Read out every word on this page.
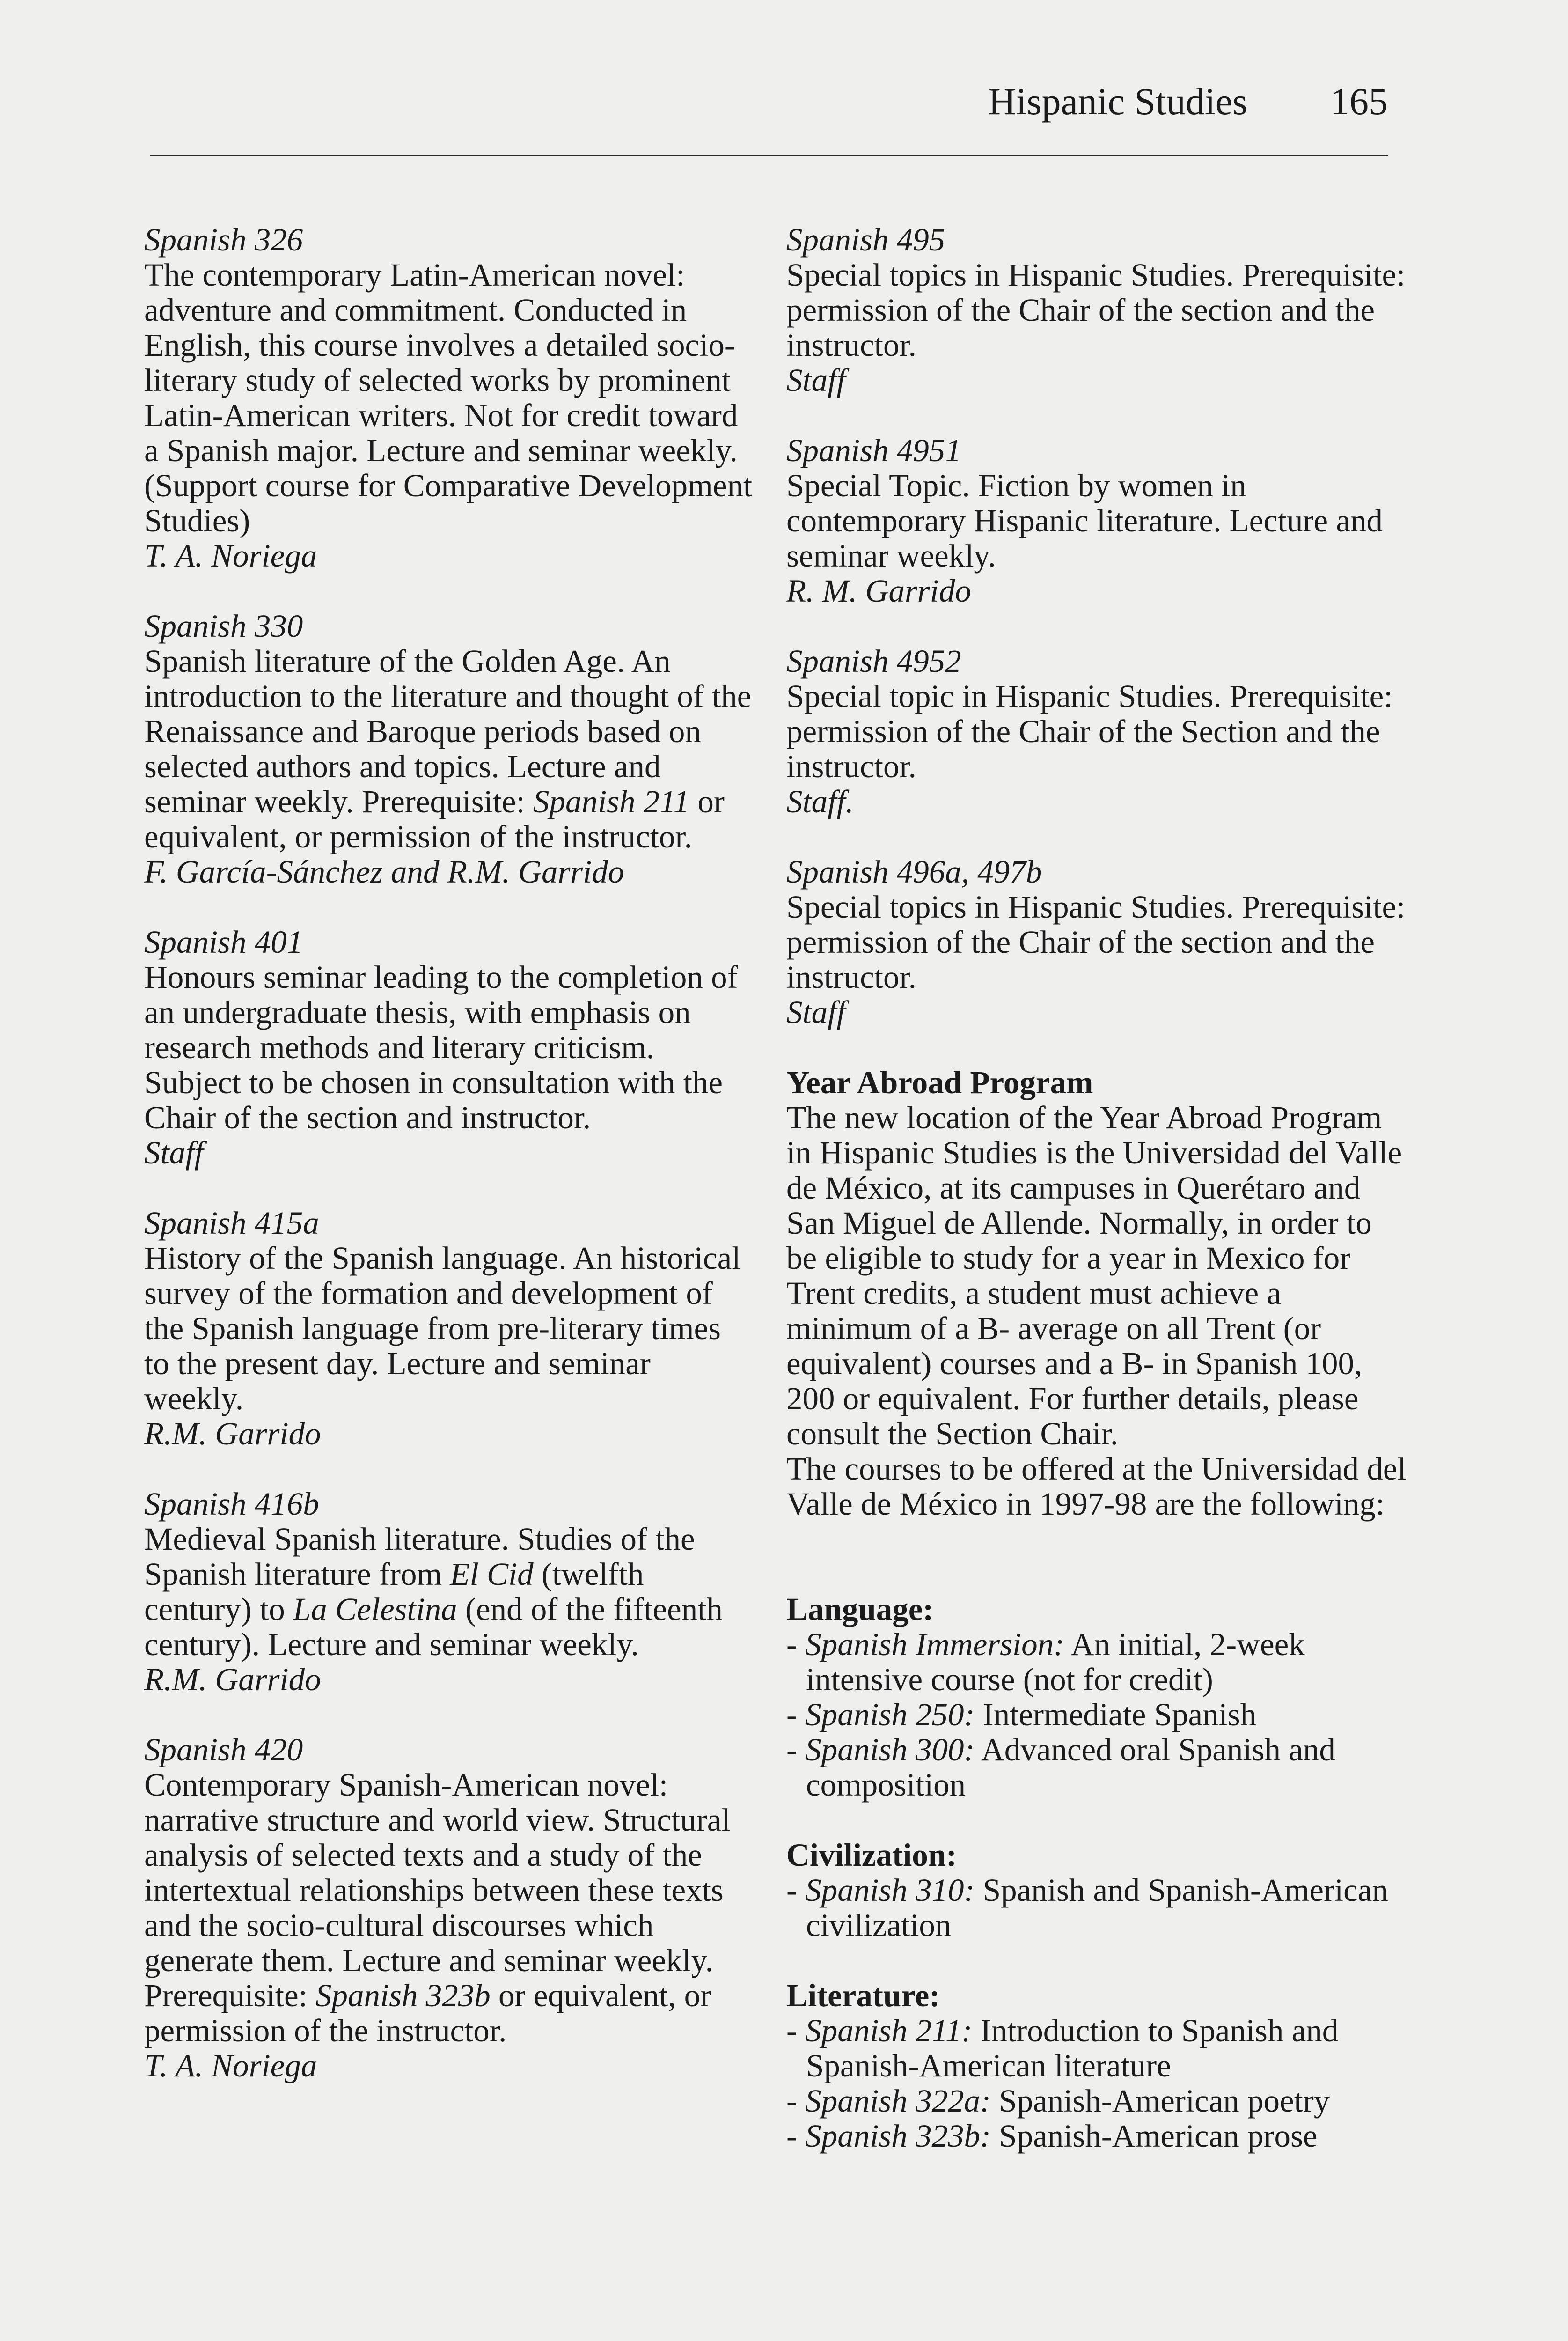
Hispanic Studies 165

Spanish 326

The contemporary Latin-American novel: adventure and commitment. Conducted in English, this course involves a detailed socio-literary study of selected works by prominent Latin-American writers. Not for credit toward a Spanish major. Lecture and seminar weekly. (Support course for Comparative Development Studies)

T. A. Noriega

Spanish 330

Spanish literature of the Golden Age. An introduction to the literature and thought of the Renaissance and Baroque periods based on selected authors and topics. Lecture and seminar weekly. Prerequisite: Spanish 211 or equivalent, or permission of the instructor.

F. García-Sánchez and R.M. Garrido

Spanish 401

Honours seminar leading to the completion of an undergraduate thesis, with emphasis on research methods and literary criticism. Subject to be chosen in consultation with the Chair of the section and instructor.

Staff

Spanish 415a

History of the Spanish language. An historical survey of the formation and development of the Spanish language from pre-literary times to the present day. Lecture and seminar weekly.

R.M. Garrido

Spanish 416b

Medieval Spanish literature. Studies of the Spanish literature from El Cid (twelfth century) to La Celestina (end of the fifteenth century). Lecture and seminar weekly.

R.M. Garrido

Spanish 420

Contemporary Spanish-American novel: narrative structure and world view. Structural analysis of selected texts and a study of the intertextual relationships between these texts and the socio-cultural discourses which generate them. Lecture and seminar weekly. Prerequisite: Spanish 323b or equivalent, or permission of the instructor.

T. A. Noriega

Spanish 495

Special topics in Hispanic Studies. Prerequisite: permission of the Chair of the section and the instructor.

Staff

Spanish 4951

Special Topic. Fiction by women in contemporary Hispanic literature. Lecture and seminar weekly.

R. M. Garrido

Spanish 4952

Special topic in Hispanic Studies. Prerequisite: permission of the Chair of the Section and the instructor.

Staff.

Spanish 496a, 497b

Special topics in Hispanic Studies. Prerequisite: permission of the Chair of the section and the instructor.

Staff

Year Abroad Program

The new location of the Year Abroad Program in Hispanic Studies is the Universidad del Valle de México, at its campuses in Querétaro and San Miguel de Allende. Normally, in order to be eligible to study for a year in Mexico for Trent credits, a student must achieve a minimum of a B- average on all Trent (or equivalent) courses and a B- in Spanish 100, 200 or equivalent. For further details, please consult the Section Chair.

The courses to be offered at the Universidad del Valle de México in 1997-98 are the following:

Language:

- Spanish Immersion: An initial, 2-week intensive course (not for credit)
- Spanish 250: Intermediate Spanish
- Spanish 300: Advanced oral Spanish and composition

Civilization:

- Spanish 310: Spanish and Spanish-American civilization

Literature:

- Spanish 211: Introduction to Spanish and Spanish-American literature
- Spanish 322a: Spanish-American poetry
- Spanish 323b: Spanish-American prose
